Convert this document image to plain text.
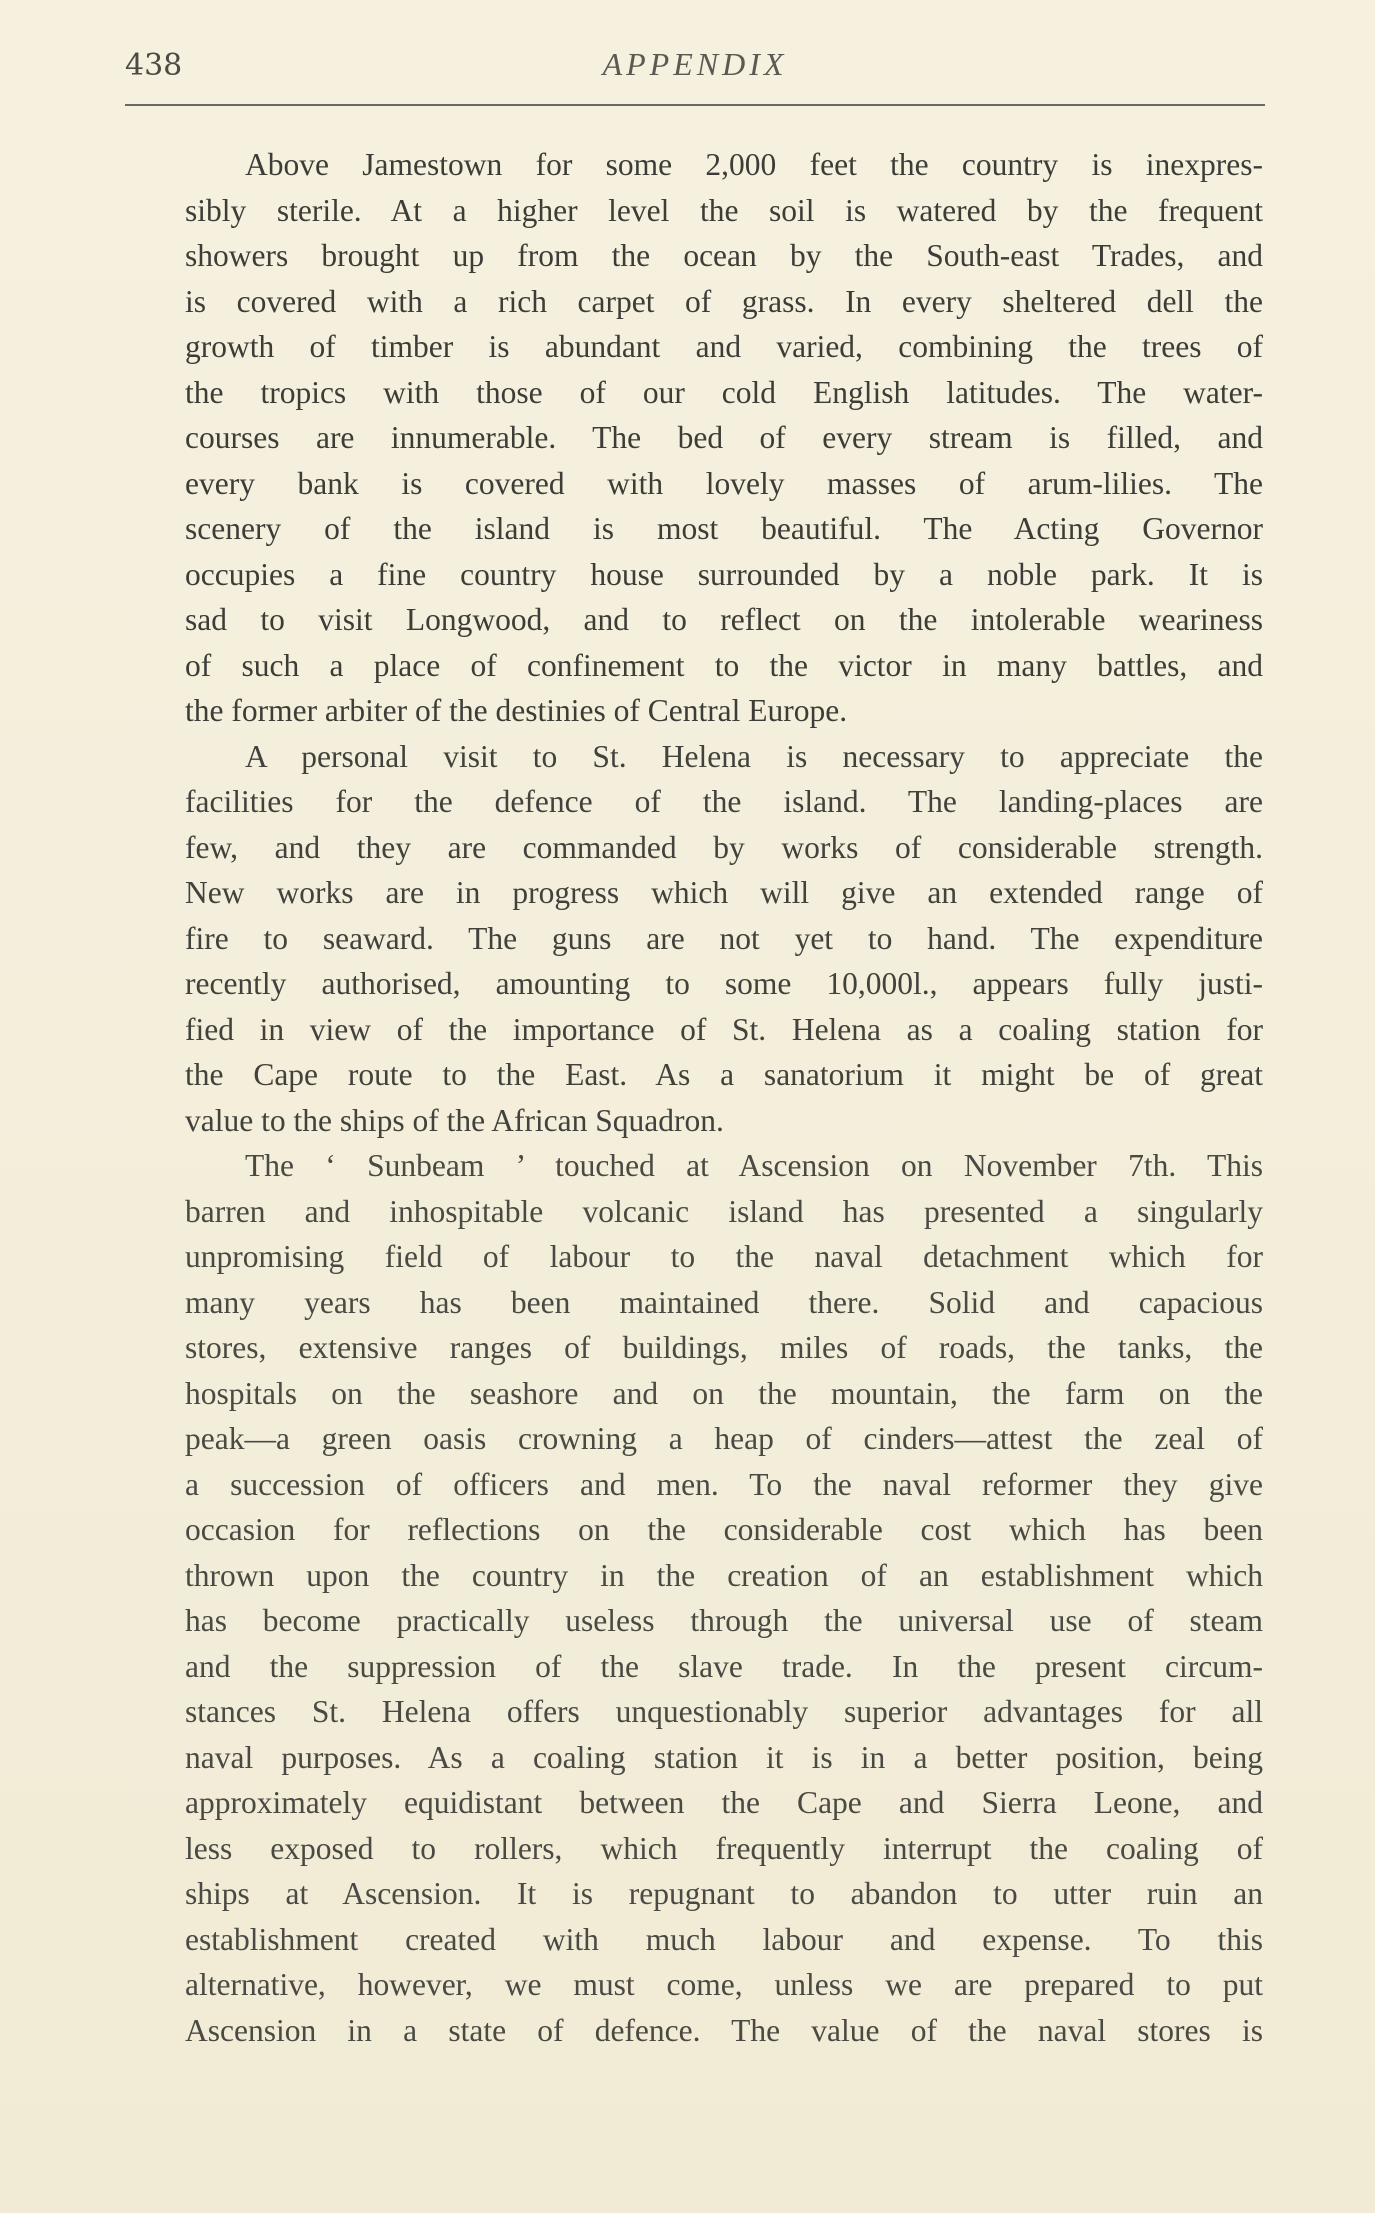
438	APPENDIX
Above Jamestown for some 2,000 feet the country is inexpres-
sibly sterile. At a higher level the soil is watered by the frequent
showers brought up from the ocean by the South-east Trades, and
is covered with a rich carpet of grass. In every sheltered dell the
growth of timber is abundant and varied, combining the trees of
the tropics with those of our cold English latitudes. The water-
courses are innumerable. The bed of every stream is filled, and
every bank is covered with lovely masses of arum-lilies. The
scenery of the island is most beautiful. The Acting Governor
occupies a fine country house surrounded by a noble park. It is
sad to visit Longwood, and to reflect on the intolerable weariness
of such a place of confinement to the victor in many battles, and
the former arbiter of the destinies of Central Europe.
A personal visit to St. Helena is necessary to appreciate the
facilities for the defence of the island. The landing-places are
few, and they are commanded by works of considerable strength.
New works are in progress which will give an extended range of
fire to seaward. The guns are not yet to hand. The expenditure
recently authorised, amounting to some 10,000l., appears fully justi-
fied in view of the importance of St. Helena as a coaling station for
the Cape route to the East. As a sanatorium it might be of great
value to the ships of the African Squadron.
The ‘ Sunbeam ’ touched at Ascension on November 7th. This
barren and inhospitable volcanic island has presented a singularly
unpromising field of labour to the naval detachment which for
many years has been maintained there. Solid and capacious
stores, extensive ranges of buildings, miles of roads, the tanks, the
hospitals on the seashore and on the mountain, the farm on the
peak—a green oasis crowning a heap of cinders—attest the zeal of
a succession of officers and men. To the naval reformer they give
occasion for reflections on the considerable cost which has been
thrown upon the country in the creation of an establishment which
has become practically useless through the universal use of steam
and the suppression of the slave trade. In the present circum-
stances St. Helena offers unquestionably superior advantages for all
naval purposes. As a coaling station it is in a better position, being
approximately equidistant between the Cape and Sierra Leone, and
less exposed to rollers, which frequently interrupt the coaling of
ships at Ascension. It is repugnant to abandon to utter ruin an
establishment created with much labour and expense. To this
alternative, however, we must come, unless we are prepared to put
Ascension in a state of defence. The value of the naval stores is
